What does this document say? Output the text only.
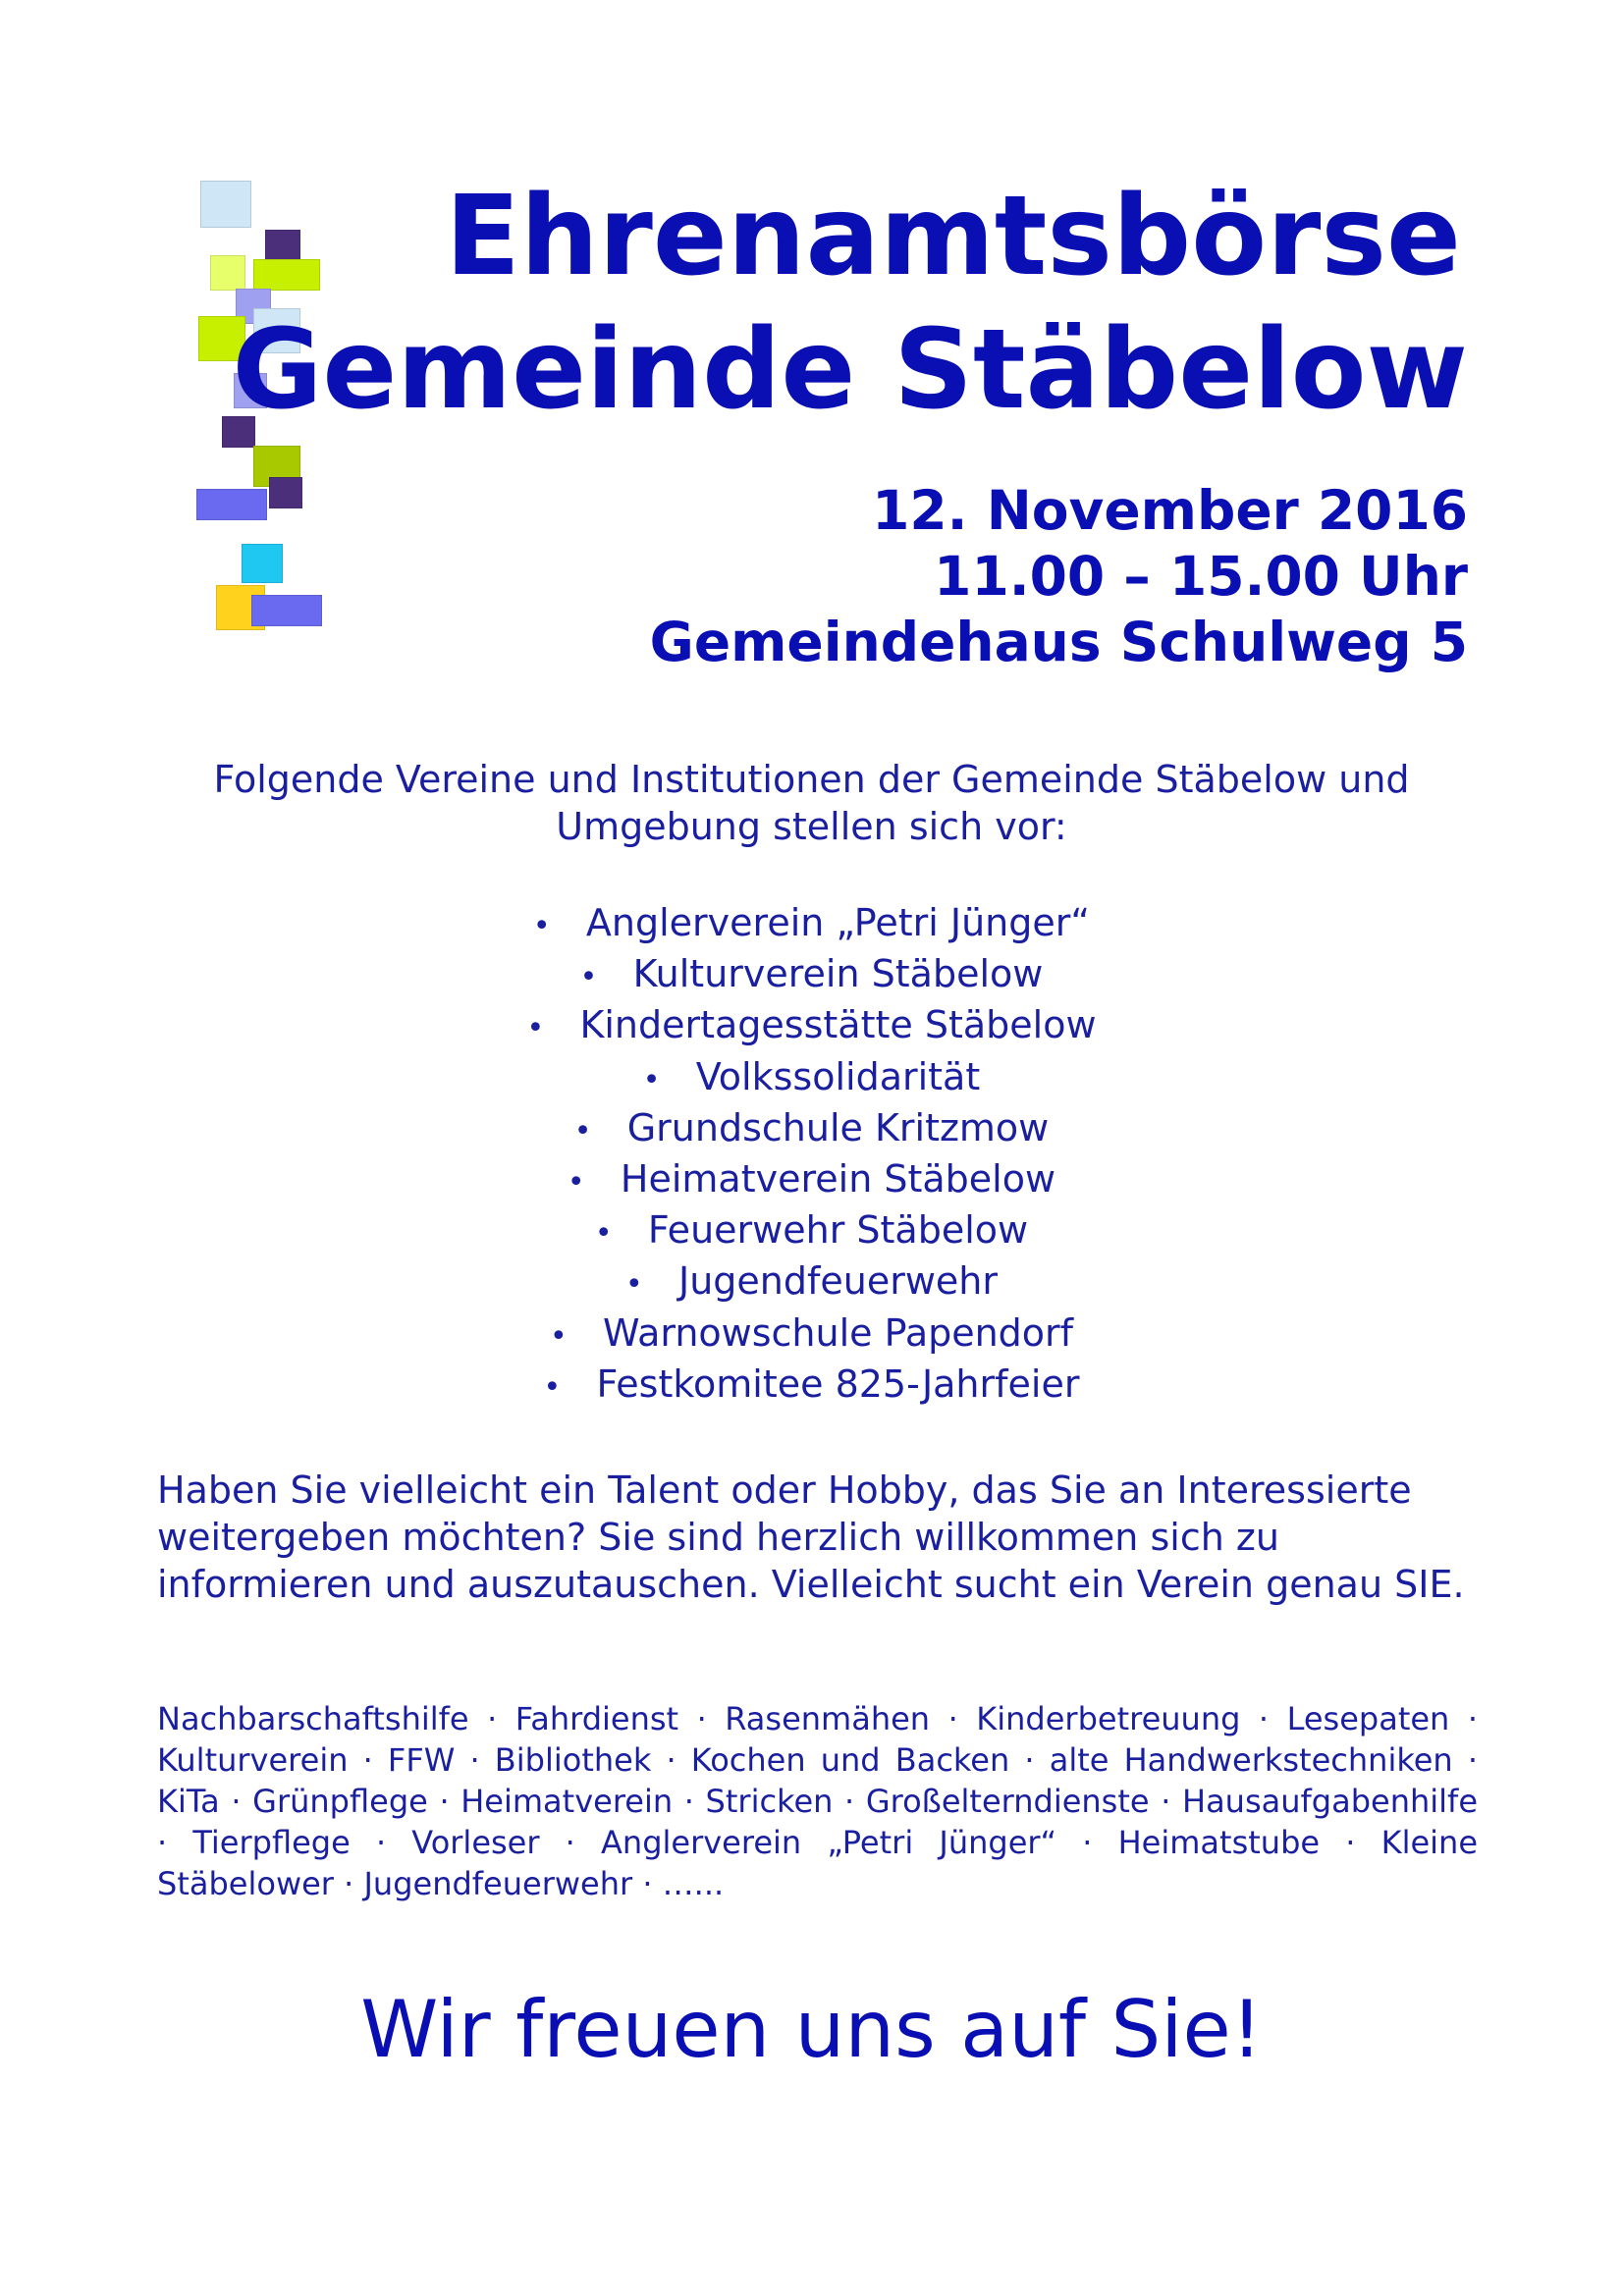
Ehrenamtsbörse
Gemeinde Stäbelow
12. November 2016
11.00 – 15.00 Uhr
Gemeindehaus Schulweg 5
Folgende Vereine und Institutionen der Gemeinde Stäbelow und Umgebung stellen sich vor:
• Anglerverein „Petri Jünger“
• Kulturverein Stäbelow
• Kindertagesstätte Stäbelow
• Volkssolidarität
• Grundschule Kritzmow
• Heimatverein Stäbelow
• Feuerwehr Stäbelow
• Jugendfeuerwehr
• Warnowschule Papendorf
• Festkomitee 825-Jahrfeier
Haben Sie vielleicht ein Talent oder Hobby, das Sie an Interessierte weitergeben möchten? Sie sind herzlich willkommen sich zu informieren und auszutauschen. Vielleicht sucht ein Verein genau SIE.
Nachbarschaftshilfe · Fahrdienst · Rasenmähen · Kinderbetreuung · Lesepaten · Kulturverein · FFW · Bibliothek · Kochen und Backen · alte Handwerkstechniken · KiTa · Grünpflege · Heimatverein · Stricken · Großelterndienste · Hausaufgabenhilfe · Tierpflege · Vorleser · Anglerverein „Petri Jünger“ · Heimatstube · Kleine Stäbelower · Jugendfeuerwehr · …...
Wir freuen uns auf Sie!
